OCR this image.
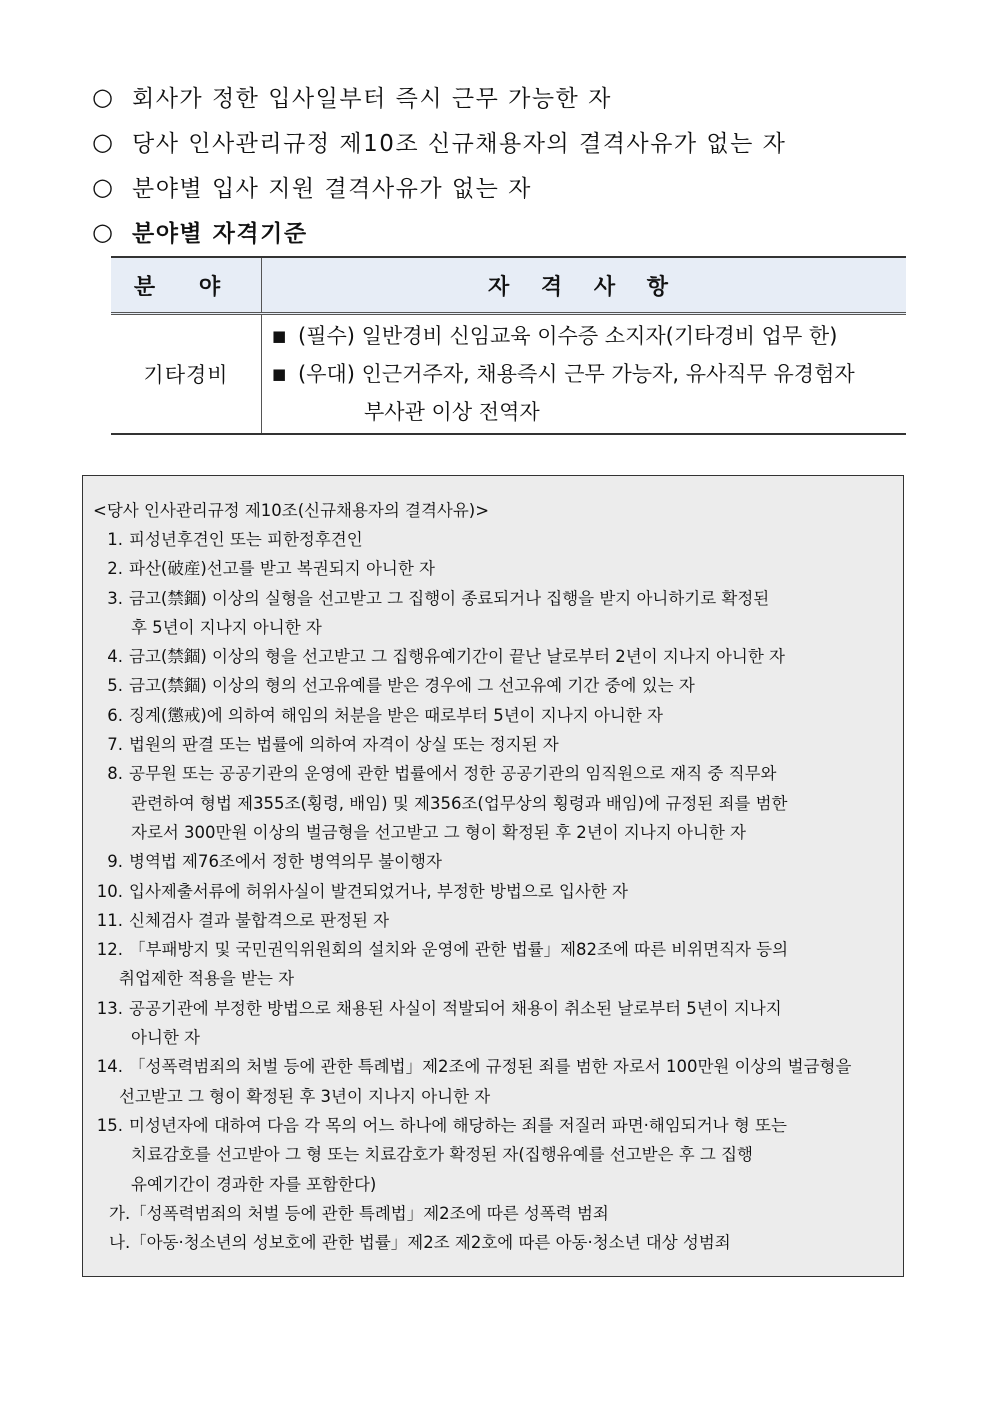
○ 회사가 정한 입사일부터 즉시 근무 가능한 자
○ 당사 인사관리규정 제10조 신규채용자의 결격사유가 없는 자
○ 분야별 입사 지원 결격사유가 없는 자
○ 분야별 자격기준
분 야	자 격 사 항
기타경비	■ (필수) 일반경비 신임교육 이수증 소지자(기타경비 업무 한)
■ (우대) 인근거주자, 채용즉시 근무 가능자, 유사직무 유경험자
부사관 이상 전역자
<당사 인사관리규정 제10조(신규채용자의 결격사유)>
1. 피성년후견인 또는 피한정후견인
2. 파산(破産)선고를 받고 복권되지 아니한 자
3. 금고(禁錮) 이상의 실형을 선고받고 그 집행이 종료되거나 집행을 받지 아니하기로 확정된
후 5년이 지나지 아니한 자
4. 금고(禁錮) 이상의 형을 선고받고 그 집행유예기간이 끝난 날로부터 2년이 지나지 아니한 자
5. 금고(禁錮) 이상의 형의 선고유예를 받은 경우에 그 선고유예 기간 중에 있는 자
6. 징계(懲戒)에 의하여 해임의 처분을 받은 때로부터 5년이 지나지 아니한 자
7. 법원의 판결 또는 법률에 의하여 자격이 상실 또는 정지된 자
8. 공무원 또는 공공기관의 운영에 관한 법률에서 정한 공공기관의 임직원으로 재직 중 직무와
관련하여 형법 제355조(횡령, 배임) 및 제356조(업무상의 횡령과 배임)에 규정된 죄를 범한
자로서 300만원 이상의 벌금형을 선고받고 그 형이 확정된 후 2년이 지나지 아니한 자
9. 병역법 제76조에서 정한 병역의무 불이행자
10. 입사제출서류에 허위사실이 발견되었거나, 부정한 방법으로 입사한 자
11. 신체검사 결과 불합격으로 판정된 자
12. 「부패방지 및 국민권익위원회의 설치와 운영에 관한 법률」제82조에 따른 비위면직자 등의
취업제한 적용을 받는 자
13. 공공기관에 부정한 방법으로 채용된 사실이 적발되어 채용이 취소된 날로부터 5년이 지나지
아니한 자
14. 「성폭력범죄의 처벌 등에 관한 특례법」제2조에 규정된 죄를 범한 자로서 100만원 이상의 벌금형을
선고받고 그 형이 확정된 후 3년이 지나지 아니한 자
15. 미성년자에 대하여 다음 각 목의 어느 하나에 해당하는 죄를 저질러 파면·해임되거나 형 또는
치료감호를 선고받아 그 형 또는 치료감호가 확정된 자(집행유예를 선고받은 후 그 집행
유예기간이 경과한 자를 포함한다)
가.「성폭력범죄의 처벌 등에 관한 특례법」제2조에 따른 성폭력 범죄
나.「아동·청소년의 성보호에 관한 법률」제2조 제2호에 따른 아동·청소년 대상 성범죄
